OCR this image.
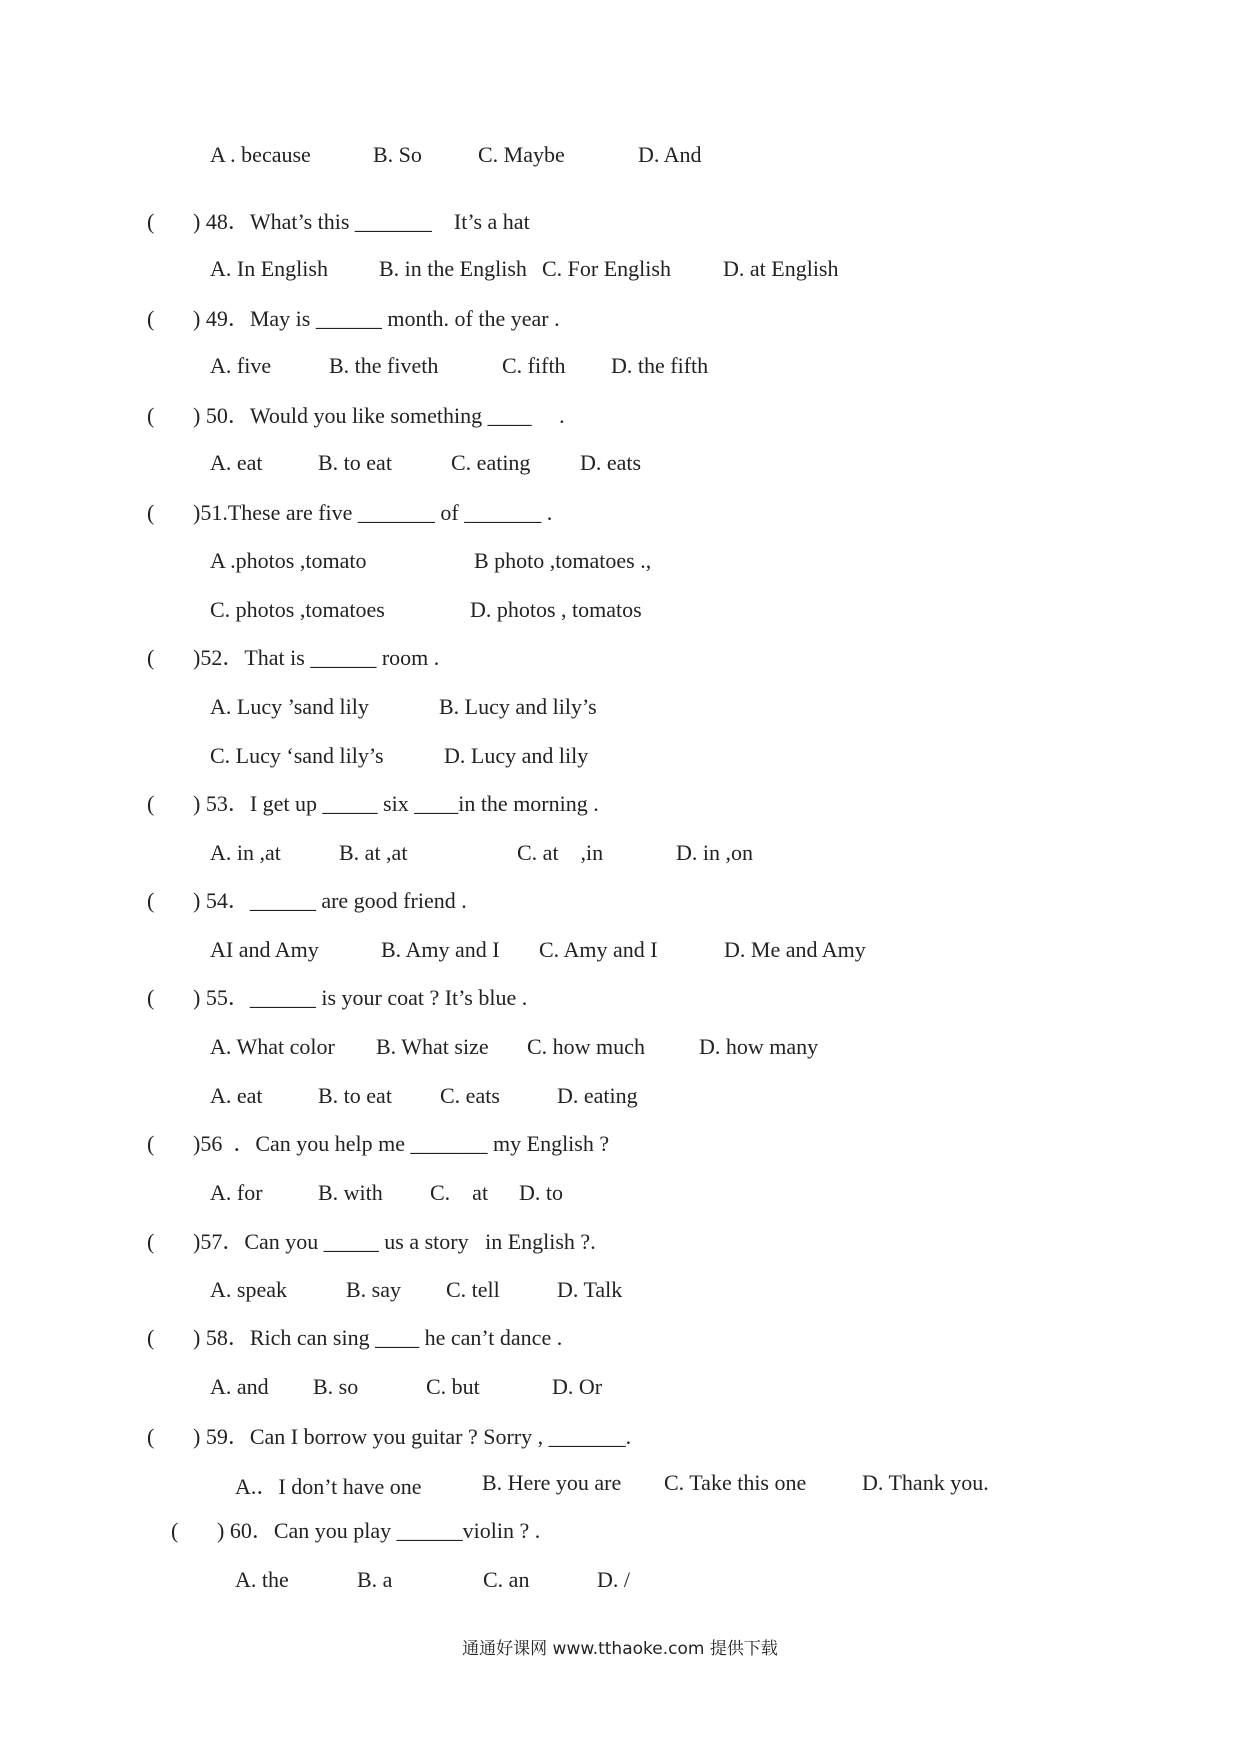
A . because	B. So	C. Maybe	D. And
( ) 48．What’s this _______    It’s a hat
A. In English B. in the English C. For English D. at English
( ) 49．May is ______ month. of the year .
A. five	B. the fiveth	C. fifth D. the fifth
( ) 50．Would you like something ____     .
A. eat	B. to eat	C. eating D. eats
( )51.These are five _______ of _______ .
A .photos ,tomato	B photo ,tomatoes .,
C. photos ,tomatoes	D. photos , tomatos
( )52．That is ______ room .
A. Lucy ’sand lily	B. Lucy and lily’s
C. Lucy ‘sand lily’s	D. Lucy and lily
( ) 53．I get up _____ six ____in the morning .
A. in ,at	B. at ,at	C. at    ,in	D. in ,on
( ) 54．______ are good friend .
AI and Amy	B. Amy and I C. Amy and I	D. Me and Amy
( ) 55．______ is your coat ? It’s blue .
A. What color B. What size C. how much D. how many
A. eat	B. to eat C. eats	D. eating
( )56  ．Can you help me _______ my English ?
A. for	B. with C.    at D. to
( )57．Can you _____ us a story   in English ?.
A. speak	B. say C. tell	D. Talk
( ) 58．Rich can sing ____ he can’t dance .
A. and B. so	C. but	D. Or
( ) 59．Can I borrow you guitar ? Sorry , _______.
A.．I don’t have one	B. Here you are C. Take this one	D. Thank you.
( ) 60．Can you play ______violin ? .
A. the	B. a	C. an	D. /
通通好课网 www.tthaoke.com 提供下载
